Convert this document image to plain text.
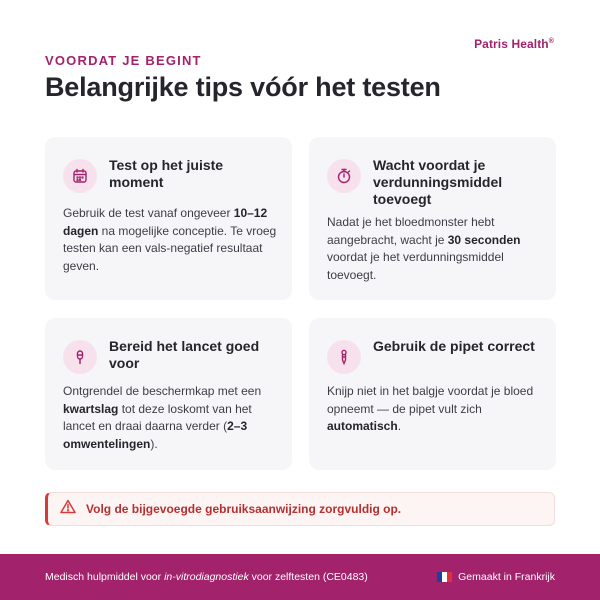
Patris Health®
VOORDAT JE BEGINT
Belangrijke tips vóór het testen
Test op het juiste moment

Gebruik de test vanaf ongeveer 10–12 dagen na mogelijke conceptie. Te vroeg testen kan een vals-negatief resultaat geven.

Wacht voordat je verdunningsmiddel toevoegt

Nadat je het bloedmonster hebt aangebracht, wacht je 30 seconden voordat je het verdunningsmiddel toevoegt.

Bereid het lancet goed voor

Ontgrendel de beschermkap met een kwartslag tot deze loskomt van het lancet en draai daarna verder (2–3 omwentelingen).

Gebruik de pipet correct

Knijp niet in het balgje voordat je bloed opneemt — de pipet vult zich automatisch.

Volg de bijgevoegde gebruiksaanwijzing zorgvuldig op.
Medisch hulpmiddel voor in-vitrodiagnostiek voor zelftesten (CE0483)	Gemaakt in Frankrijk
